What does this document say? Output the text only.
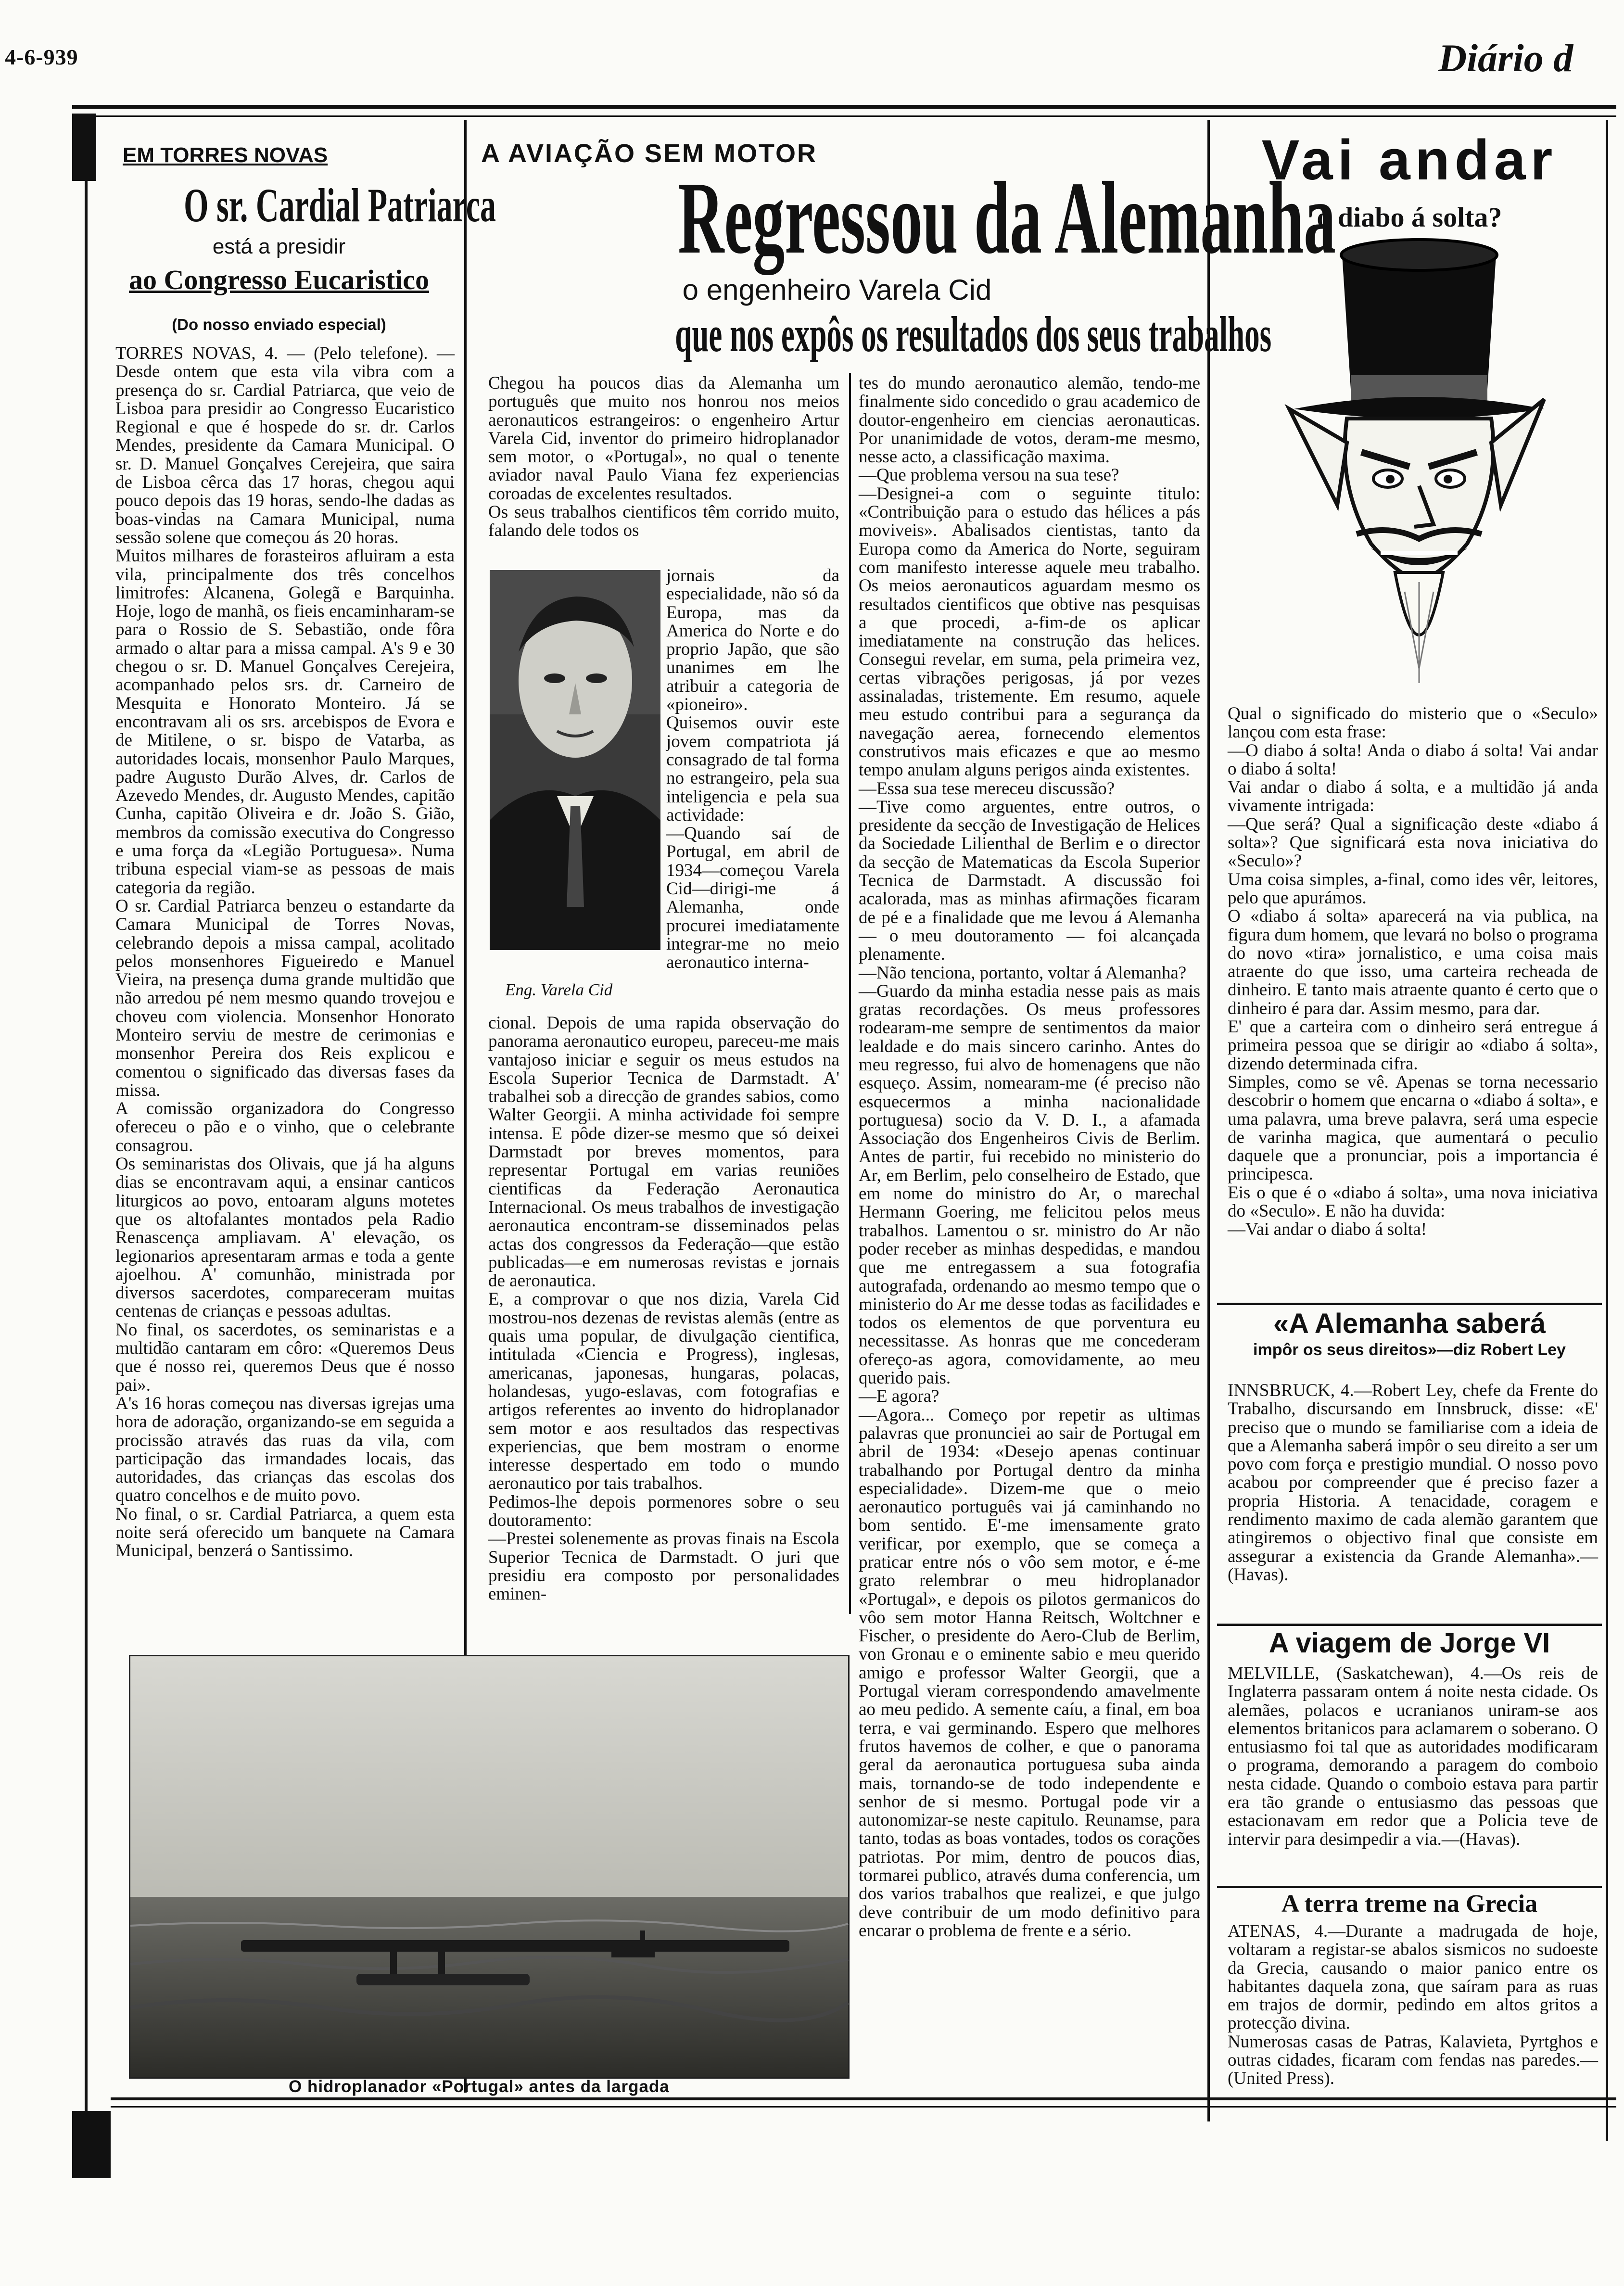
4-6-939	Diário d
EM TORRES NOVAS
O sr. Cardial Patriarca
está a presidir
ao Congresso Eucaristico
(Do nosso enviado especial)
TORRES NOVAS, 4. — (Pelo telefone). — Desde ontem que esta vila vibra com a presença do sr. Cardial Patriarca, que veio de Lisboa para presidir ao Congresso Eucaristico Regional e que é hospede do sr. dr. Carlos Mendes, presidente da Camara Municipal. O sr. D. Manuel Gonçalves Cerejeira, que saira de Lisboa cêrca das 17 horas, chegou aqui pouco depois das 19 horas, sendo-lhe dadas as boas-vindas na Camara Municipal, numa sessão solene que começou ás 20 horas.
Muitos milhares de forasteiros afluiram a esta vila, principalmente dos três concelhos limitrofes: Alcanena, Golegã e Barquinha. Hoje, logo de manhã, os fieis encaminharam-se para o Rossio de S. Sebastião, onde fôra armado o altar para a missa campal. A's 9 e 30 chegou o sr. D. Manuel Gonçalves Cerejeira, acompanhado pelos srs. dr. Carneiro de Mesquita e Honorato Monteiro. Já se encontravam ali os srs. arcebispos de Evora e de Mitilene, o sr. bispo de Vatarba, as autoridades locais, monsenhor Paulo Marques, padre Augusto Durão Alves, dr. Carlos de Azevedo Mendes, dr. Augusto Mendes, capitão Cunha, capitão Oliveira e dr. João S. Gião, membros da comissão executiva do Congresso e uma força da «Legião Portuguesa». Numa tribuna especial viam-se as pessoas de mais categoria da região.
O sr. Cardial Patriarca benzeu o estandarte da Camara Municipal de Torres Novas, celebrando depois a missa campal, acolitado pelos monsenhores Figueiredo e Manuel Vieira, na presença duma grande multidão que não arredou pé nem mesmo quando trovejou e choveu com violencia. Monsenhor Honorato Monteiro serviu de mestre de cerimonias e monsenhor Pereira dos Reis explicou e comentou o significado das diversas fases da missa.
A comissão organizadora do Congresso ofereceu o pão e o vinho, que o celebrante consagrou.
Os seminaristas dos Olivais, que já ha alguns dias se encontravam aqui, a ensinar canticos liturgicos ao povo, entoaram alguns motetes que os altofalantes montados pela Radio Renascença ampliavam. A' elevação, os legionarios apresentaram armas e toda a gente ajoelhou. A' comunhão, ministrada por diversos sacerdotes, compareceram muitas centenas de crianças e pessoas adultas.
No final, os sacerdotes, os seminaristas e a multidão cantaram em côro: «Queremos Deus que é nosso rei, queremos Deus que é nosso pai».
A's 16 horas começou nas diversas igrejas uma hora de adoração, organizando-se em seguida a procissão através das ruas da vila, com participação das irmandades locais, das autoridades, das crianças das escolas dos quatro concelhos e de muito povo.
No final, o sr. Cardial Patriarca, a quem esta noite será oferecido um banquete na Camara Municipal, benzerá o Santissimo.
A AVIAÇÃO SEM MOTOR
Regressou da Alemanha
o engenheiro Varela Cid
que nos expôs os resultados dos seus trabalhos
Chegou ha poucos dias da Alemanha um português que muito nos honrou nos meios aeronauticos estrangeiros: o engenheiro Artur Varela Cid, inventor do primeiro hidroplanador sem motor, o «Portugal», no qual o tenente aviador naval Paulo Viana fez experiencias coroadas de excelentes resultados.
Os seus trabalhos cientificos têm corrido muito, falando dele todos os
Eng. Varela Cid
jornais da especialidade, não só da Europa, mas da America do Norte e do proprio Japão, que são unanimes em lhe atribuir a categoria de «pioneiro».
Quisemos ouvir este jovem compatriota já consagrado de tal forma no estrangeiro, pela sua inteligencia e pela sua actividade:
—Quando saí de Portugal, em abril de 1934—começou Varela Cid—dirigi-me á Alemanha, onde procurei imediatamente integrar-me no meio aeronautico interna-
cional. Depois de uma rapida observação do panorama aeronautico europeu, pareceu-me mais vantajoso iniciar e seguir os meus estudos na Escola Superior Tecnica de Darmstadt. A' trabalhei sob a direcção de grandes sabios, como Walter Georgii. A minha actividade foi sempre intensa. E pôde dizer-se mesmo que só deixei Darmstadt por breves momentos, para representar Portugal em varias reuniões cientificas da Federação Aeronautica Internacional. Os meus trabalhos de investigação aeronautica encontram-se disseminados pelas actas dos congressos da Federação—que estão publicadas—e em numerosas revistas e jornais de aeronautica.
E, a comprovar o que nos dizia, Varela Cid mostrou-nos dezenas de revistas alemãs (entre as quais uma popular, de divulgação cientifica, intitulada «Ciencia e Progress), inglesas, americanas, japonesas, hungaras, polacas, holandesas, yugo-eslavas, com fotografias e artigos referentes ao invento do hidroplanador sem motor e aos resultados das respectivas experiencias, que bem mostram o enorme interesse despertado em todo o mundo aeronautico por tais trabalhos.
Pedimos-lhe depois pormenores sobre o seu doutoramento:
—Prestei solenemente as provas finais na Escola Superior Tecnica de Darmstadt. O juri que presidiu era composto por personalidades eminen-
tes do mundo aeronautico alemão, tendo-me finalmente sido concedido o grau academico de doutor-engenheiro em ciencias aeronauticas. Por unanimidade de votos, deram-me mesmo, nesse acto, a classificação maxima.
—Que problema versou na sua tese?
—Designei-a com o seguinte titulo: «Contribuição para o estudo das hélices a pás moviveis». Abalisados cientistas, tanto da Europa como da America do Norte, seguiram com manifesto interesse aquele meu trabalho. Os meios aeronauticos aguardam mesmo os resultados cientificos que obtive nas pesquisas a que procedi, a-fim-de os aplicar imediatamente na construção das helices. Consegui revelar, em suma, pela primeira vez, certas vibrações perigosas, já por vezes assinaladas, tristemente. Em resumo, aquele meu estudo contribui para a segurança da navegação aerea, fornecendo elementos construtivos mais eficazes e que ao mesmo tempo anulam alguns perigos ainda existentes.
—Essa sua tese mereceu discussão?
—Tive como arguentes, entre outros, o presidente da secção de Investigação de Helices da Sociedade Lilienthal de Berlim e o director da secção de Matematicas da Escola Superior Tecnica de Darmstadt. A discussão foi acalorada, mas as minhas afirmações ficaram de pé e a finalidade que me levou á Alemanha — o meu doutoramento — foi alcançada plenamente.
—Não tenciona, portanto, voltar á Alemanha?
—Guardo da minha estadia nesse pais as mais gratas recordações. Os meus professores rodearam-me sempre de sentimentos da maior lealdade e do mais sincero carinho. Antes do meu regresso, fui alvo de homenagens que não esqueço. Assim, nomearam-me (é preciso não esquecermos a minha nacionalidade portuguesa) socio da V. D. I., a afamada Associação dos Engenheiros Civis de Berlim. Antes de partir, fui recebido no ministerio do Ar, em Berlim, pelo conselheiro de Estado, que em nome do ministro do Ar, o marechal Hermann Goering, me felicitou pelos meus trabalhos. Lamentou o sr. ministro do Ar não poder receber as minhas despedidas, e mandou que me entregassem a sua fotografia autografada, ordenando ao mesmo tempo que o ministerio do Ar me desse todas as facilidades e todos os elementos de que porventura eu necessitasse. As honras que me concederam ofereço-as agora, comovidamente, ao meu querido pais.
—E agora?
—Agora... Começo por repetir as ultimas palavras que pronunciei ao sair de Portugal em abril de 1934: «Desejo apenas continuar trabalhando por Portugal dentro da minha especialidade». Dizem-me que o meio aeronautico português vai já caminhando no bom sentido. E'-me imensamente grato verificar, por exemplo, que se começa a praticar entre nós o vôo sem motor, e é-me grato relembrar o meu hidroplanador «Portugal», e depois os pilotos germanicos do vôo sem motor Hanna Reitsch, Woltchner e Fischer, o presidente do Aero-Club de Berlim, von Gronau e o eminente sabio e meu querido amigo e professor Walter Georgii, que a Portugal vieram correspondendo amavelmente ao meu pedido. A semente caíu, a final, em boa terra, e vai germinando. Espero que melhores frutos havemos de colher, e que o panorama geral da aeronautica portuguesa suba ainda mais, tornando-se de todo independente e senhor de si mesmo. Portugal pode vir a autonomizar-se neste capitulo. Reunamse, para tanto, todas as boas vontades, todos os corações patriotas. Por mim, dentro de poucos dias, tormarei publico, através duma conferencia, um dos varios trabalhos que realizei, e que julgo deve contribuir de um modo definitivo para encarar o problema de frente e a sério.
O hidroplanador «Portugal» antes da largada
Vai andar
o diabo á solta?
Qual o significado do misterio que o «Seculo» lançou com esta frase:
—O diabo á solta! Anda o diabo á solta! Vai andar o diabo á solta!
Vai andar o diabo á solta, e a multidão já anda vivamente intrigada:
—Que será? Qual a significação deste «diabo á solta»? Que significará esta nova iniciativa do «Seculo»?
Uma coisa simples, a-final, como ides vêr, leitores, pelo que apurámos.
O «diabo á solta» aparecerá na via publica, na figura dum homem, que levará no bolso o programa do novo «tira» jornalistico, e uma coisa mais atraente do que isso, uma carteira recheada de dinheiro. E tanto mais atraente quanto é certo que o dinheiro é para dar. Assim mesmo, para dar.
E' que a carteira com o dinheiro será entregue á primeira pessoa que se dirigir ao «diabo á solta», dizendo determinada cifra.
Simples, como se vê. Apenas se torna necessario descobrir o homem que encarna o «diabo á solta», e uma palavra, uma breve palavra, será uma especie de varinha magica, que aumentará o peculio daquele que a pronunciar, pois a importancia é principesca.
Eis o que é o «diabo á solta», uma nova iniciativa do «Seculo». E não ha duvida:
—Vai andar o diabo á solta!
«A Alemanha saberá
impôr os seus direitos»—diz Robert Ley
INNSBRUCK, 4.—Robert Ley, chefe da Frente do Trabalho, discursando em Innsbruck, disse: «E' preciso que o mundo se familiarise com a ideia de que a Alemanha saberá impôr o seu direito a ser um povo com força e prestigio mundial. O nosso povo acabou por compreender que é preciso fazer a propria Historia. A tenacidade, coragem e rendimento maximo de cada alemão garantem que atingiremos o objectivo final que consiste em assegurar a existencia da Grande Alemanha».—(Havas).
A viagem de Jorge VI
MELVILLE, (Saskatchewan), 4.—Os reis de Inglaterra passaram ontem á noite nesta cidade. Os alemães, polacos e ucranianos uniram-se aos elementos britanicos para aclamarem o soberano. O entusiasmo foi tal que as autoridades modificaram o programa, demorando a paragem do comboio nesta cidade. Quando o comboio estava para partir era tão grande o entusiasmo das pessoas que estacionavam em redor que a Policia teve de intervir para desimpedir a via.—(Havas).
A terra treme na Grecia
ATENAS, 4.—Durante a madrugada de hoje, voltaram a registar-se abalos sismicos no sudoeste da Grecia, causando o maior panico entre os habitantes daquela zona, que saíram para as ruas em trajos de dormir, pedindo em altos gritos a protecção divina.
Numerosas casas de Patras, Kalavieta, Pyrtghos e outras cidades, ficaram com fendas nas paredes.—(United Press).
